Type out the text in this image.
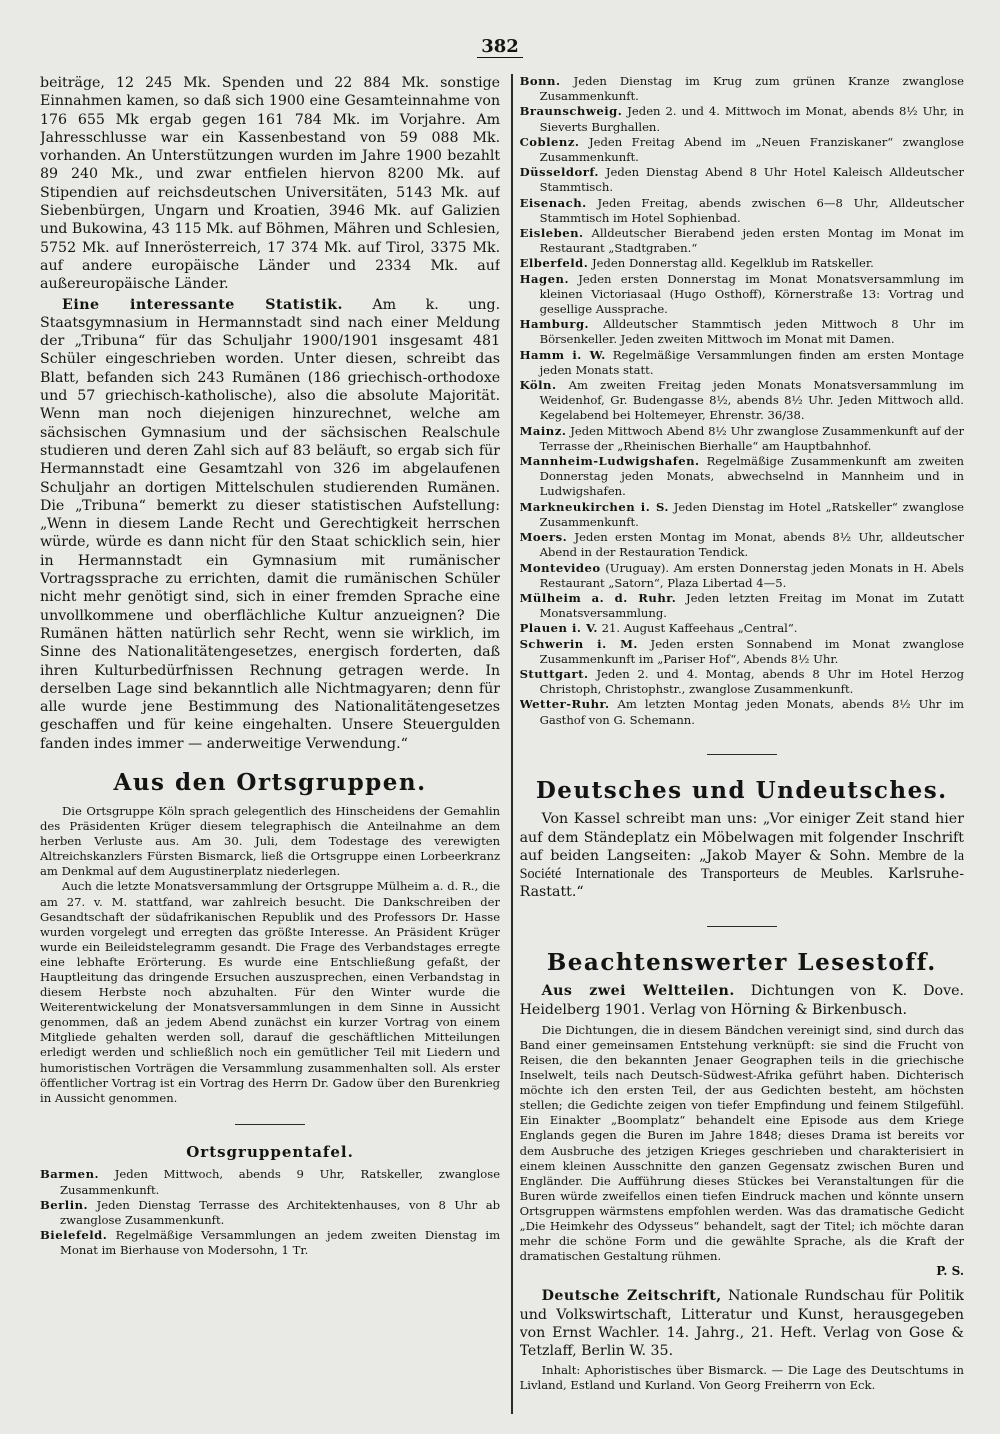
382

beiträge, 12 245 Mk. Spenden und 22 884 Mk. sonstige Einnahmen kamen, so daß sich 1900 eine Gesamteinnahme von 176 655 Mk ergab gegen 161 784 Mk. im Vorjahre. Am Jahresschlusse war ein Kassenbestand von 59 088 Mk. vorhanden. An Unterstützungen wurden im Jahre 1900 bezahlt 89 240 Mk., und zwar entfielen hiervon 8200 Mk. auf Stipendien auf reichsdeutschen Universitäten, 5143 Mk. auf Siebenbürgen, Ungarn und Kroatien, 3946 Mk. auf Galizien und Bukowina, 43 115 Mk. auf Böhmen, Mähren und Schlesien, 5752 Mk. auf Innerösterreich, 17 374 Mk. auf Tirol, 3375 Mk. auf andere europäische Länder und 2334 Mk. auf außereuropäische Länder.

Eine interessante Statistik. Am k. ung. Staatsgymnasium in Hermannstadt sind nach einer Meldung der „Tribuna“ für das Schuljahr 1900/1901 insgesamt 481 Schüler eingeschrieben worden. Unter diesen, schreibt das Blatt, befanden sich 243 Rumänen (186 griechisch-orthodoxe und 57 griechisch-katholische), also die absolute Majorität. Wenn man noch diejenigen hinzurechnet, welche am sächsischen Gymnasium und der sächsischen Realschule studieren und deren Zahl sich auf 83 beläuft, so ergab sich für Hermannstadt eine Gesamtzahl von 326 im abgelaufenen Schuljahr an dortigen Mittelschulen studierenden Rumänen. Die „Tribuna“ bemerkt zu dieser statistischen Aufstellung: „Wenn in diesem Lande Recht und Gerechtigkeit herrschen würde, würde es dann nicht für den Staat schicklich sein, hier in Hermannstadt ein Gymnasium mit rumänischer Vortragssprache zu errichten, damit die rumänischen Schüler nicht mehr genötigt sind, sich in einer fremden Sprache eine unvollkommene und oberflächliche Kultur anzueignen? Die Rumänen hätten natürlich sehr Recht, wenn sie wirklich, im Sinne des Nationalitätengesetzes, energisch forderten, daß ihren Kulturbedürfnissen Rechnung getragen werde. In derselben Lage sind bekanntlich alle Nichtmagyaren; denn für alle wurde jene Bestimmung des Nationalitätengesetzes geschaffen und für keine eingehalten. Unsere Steuergulden fanden indes immer — anderweitige Verwendung.“

Aus den Ortsgruppen.

Die Ortsgruppe Köln sprach gelegentlich des Hinscheidens der Gemahlin des Präsidenten Krüger diesem telegraphisch die Anteilnahme an dem herben Verluste aus. Am 30. Juli, dem Todestage des verewigten Altreichskanzlers Fürsten Bismarck, ließ die Ortsgruppe einen Lorbeerkranz am Denkmal auf dem Augustinerplatz niederlegen.

Auch die letzte Monatsversammlung der Ortsgruppe Mülheim a. d. R., die am 27. v. M. stattfand, war zahlreich besucht. Die Dankschreiben der Gesandtschaft der südafrikanischen Republik und des Professors Dr. Hasse wurden vorgelegt und erregten das größte Interesse. An Präsident Krüger wurde ein Beileidstelegramm gesandt. Die Frage des Verbandstages erregte eine lebhafte Erörterung. Es wurde eine Entschließung gefaßt, der Hauptleitung das dringende Ersuchen auszusprechen, einen Verbandstag in diesem Herbste noch abzuhalten. Für den Winter wurde die Weiterentwickelung der Monatsversammlungen in dem Sinne in Aussicht genommen, daß an jedem Abend zunächst ein kurzer Vortrag von einem Mitgliede gehalten werden soll, darauf die geschäftlichen Mitteilungen erledigt werden und schließlich noch ein gemütlicher Teil mit Liedern und humoristischen Vorträgen die Versammlung zusammenhalten soll. Als erster öffentlicher Vortrag ist ein Vortrag des Herrn Dr. Gadow über den Burenkrieg in Aussicht genommen.

Ortsgruppentafel.

Barmen. Jeden Mittwoch, abends 9 Uhr, Ratskeller, zwanglose Zusammenkunft.

Berlin. Jeden Dienstag Terrasse des Architektenhauses, von 8 Uhr ab zwanglose Zusammenkunft.

Bielefeld. Regelmäßige Versammlungen an jedem zweiten Dienstag im Monat im Bierhause von Modersohn, 1 Tr.

Bonn. Jeden Dienstag im Krug zum grünen Kranze zwanglose Zusammenkunft.

Braunschweig. Jeden 2. und 4. Mittwoch im Monat, abends 8½ Uhr, in Sieverts Burghallen.

Coblenz. Jeden Freitag Abend im „Neuen Franziskaner“ zwanglose Zusammenkunft.

Düsseldorf. Jeden Dienstag Abend 8 Uhr Hotel Kaleisch Alldeutscher Stammtisch.

Eisenach. Jeden Freitag, abends zwischen 6—8 Uhr, Alldeutscher Stammtisch im Hotel Sophienbad.

Eisleben. Alldeutscher Bierabend jeden ersten Montag im Monat im Restaurant „Stadtgraben.“

Elberfeld. Jeden Donnerstag alld. Kegelklub im Ratskeller.

Hagen. Jeden ersten Donnerstag im Monat Monatsversammlung im kleinen Victoriasaal (Hugo Osthoff), Körnerstraße 13: Vortrag und gesellige Aussprache.

Hamburg. Alldeutscher Stammtisch jeden Mittwoch 8 Uhr im Börsenkeller. Jeden zweiten Mittwoch im Monat mit Damen.

Hamm i. W. Regelmäßige Versammlungen finden am ersten Montage jeden Monats statt.

Köln. Am zweiten Freitag jeden Monats Monatsversammlung im Weidenhof, Gr. Budengasse 8½, abends 8½ Uhr. Jeden Mittwoch alld. Kegelabend bei Holtemeyer, Ehrenstr. 36/38.

Mainz. Jeden Mittwoch Abend 8½ Uhr zwanglose Zusammenkunft auf der Terrasse der „Rheinischen Bierhalle“ am Hauptbahnhof.

Mannheim-Ludwigshafen. Regelmäßige Zusammenkunft am zweiten Donnerstag jeden Monats, abwechselnd in Mannheim und in Ludwigshafen.

Markneukirchen i. S. Jeden Dienstag im Hotel „Ratskeller“ zwanglose Zusammenkunft.

Moers. Jeden ersten Montag im Monat, abends 8½ Uhr, alldeutscher Abend in der Restauration Tendick.

Montevideo (Uruguay). Am ersten Donnerstag jeden Monats in H. Abels Restaurant „Satorn“, Plaza Libertad 4—5.

Mülheim a. d. Ruhr. Jeden letzten Freitag im Monat im Zutatt Monatsversammlung.

Plauen i. V. 21. August Kaffeehaus „Central“.

Schwerin i. M. Jeden ersten Sonnabend im Monat zwanglose Zusammenkunft im „Pariser Hof“, Abends 8½ Uhr.

Stuttgart. Jeden 2. und 4. Montag, abends 8 Uhr im Hotel Herzog Christoph, Christophstr., zwanglose Zusammenkunft.

Wetter-Ruhr. Am letzten Montag jeden Monats, abends 8½ Uhr im Gasthof von G. Schemann.

Deutsches und Undeutsches.

Von Kassel schreibt man uns: „Vor einiger Zeit stand hier auf dem Ständeplatz ein Möbelwagen mit folgender Inschrift auf beiden Langseiten: „Jakob Mayer & Sohn. Membre de la Société Internationale des Transporteurs de Meubles. Karlsruhe-Rastatt.“

Beachtenswerter Lesestoff.

Aus zwei Weltteilen. Dichtungen von K. Dove. Heidelberg 1901. Verlag von Hörning & Birkenbusch.

Die Dichtungen, die in diesem Bändchen vereinigt sind, sind durch das Band einer gemeinsamen Entstehung verknüpft: sie sind die Frucht von Reisen, die den bekannten Jenaer Geographen teils in die griechische Inselwelt, teils nach Deutsch-Südwest-Afrika geführt haben. Dichterisch möchte ich den ersten Teil, der aus Gedichten besteht, am höchsten stellen; die Gedichte zeigen von tiefer Empfindung und feinem Stilgefühl. Ein Einakter „Boomplatz“ behandelt eine Episode aus dem Kriege Englands gegen die Buren im Jahre 1848; dieses Drama ist bereits vor dem Ausbruche des jetzigen Krieges geschrieben und charakterisiert in einem kleinen Ausschnitte den ganzen Gegensatz zwischen Buren und Engländer. Die Aufführung dieses Stückes bei Veranstaltungen für die Buren würde zweifellos einen tiefen Eindruck machen und könnte unsern Ortsgruppen wärmstens empfohlen werden. Was das dramatische Gedicht „Die Heimkehr des Odysseus“ behandelt, sagt der Titel; ich möchte daran mehr die schöne Form und die gewählte Sprache, als die Kraft der dramatischen Gestaltung rühmen.

P. S.

Deutsche Zeitschrift, Nationale Rundschau für Politik und Volkswirtschaft, Litteratur und Kunst, herausgegeben von Ernst Wachler. 14. Jahrg., 21. Heft. Verlag von Gose & Tetzlaff, Berlin W. 35.

Inhalt: Aphoristisches über Bismarck. — Die Lage des Deutschtums in Livland, Estland und Kurland. Von Georg Freiherrn von Eck.
